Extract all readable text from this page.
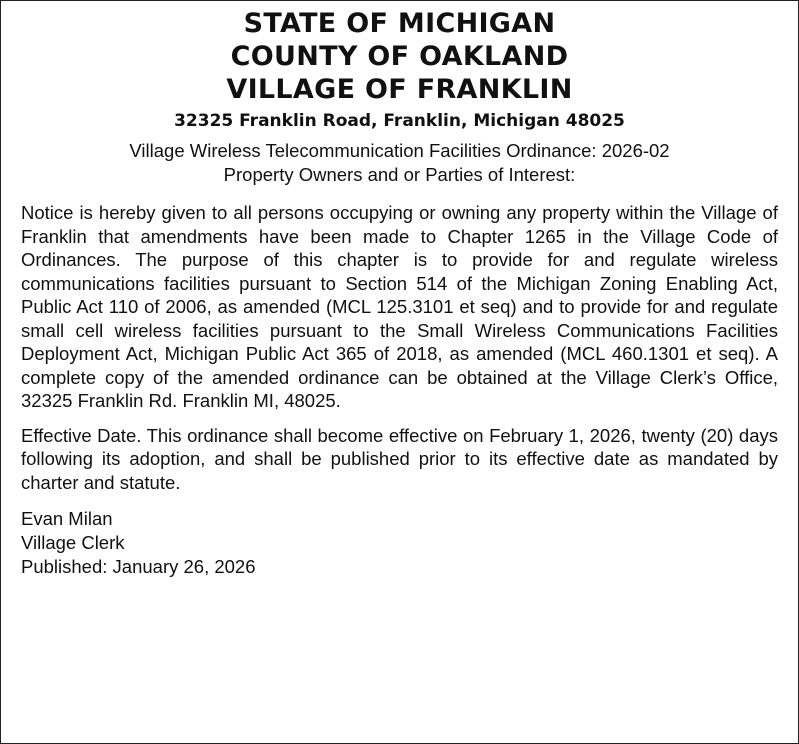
STATE OF MICHIGAN
COUNTY OF OAKLAND
VILLAGE OF FRANKLIN
32325 Franklin Road, Franklin, Michigan 48025
Village Wireless Telecommunication Facilities Ordinance: 2026-02
Property Owners and or Parties of Interest:

Notice is hereby given to all persons occupying or owning any property within the Village of Franklin that amendments have been made to Chapter 1265 in the Village Code of Ordinances. The purpose of this chapter is to provide for and regulate wireless communications facilities pursuant to Section 514 of the Michigan Zoning Enabling Act, Public Act 110 of 2006, as amended (MCL 125.3101 et seq) and to provide for and regulate small cell wireless facilities pursuant to the Small Wireless Communications Facilities Deployment Act, Michigan Public Act 365 of 2018, as amended (MCL 460.1301 et seq). A complete copy of the amended ordinance can be obtained at the Village Clerk’s Office, 32325 Franklin Rd. Franklin MI, 48025.

Effective Date. This ordinance shall become effective on February 1, 2026, twenty (20) days following its adoption, and shall be published prior to its effective date as mandated by charter and statute.

Evan Milan
Village Clerk
Published: January 26, 2026
